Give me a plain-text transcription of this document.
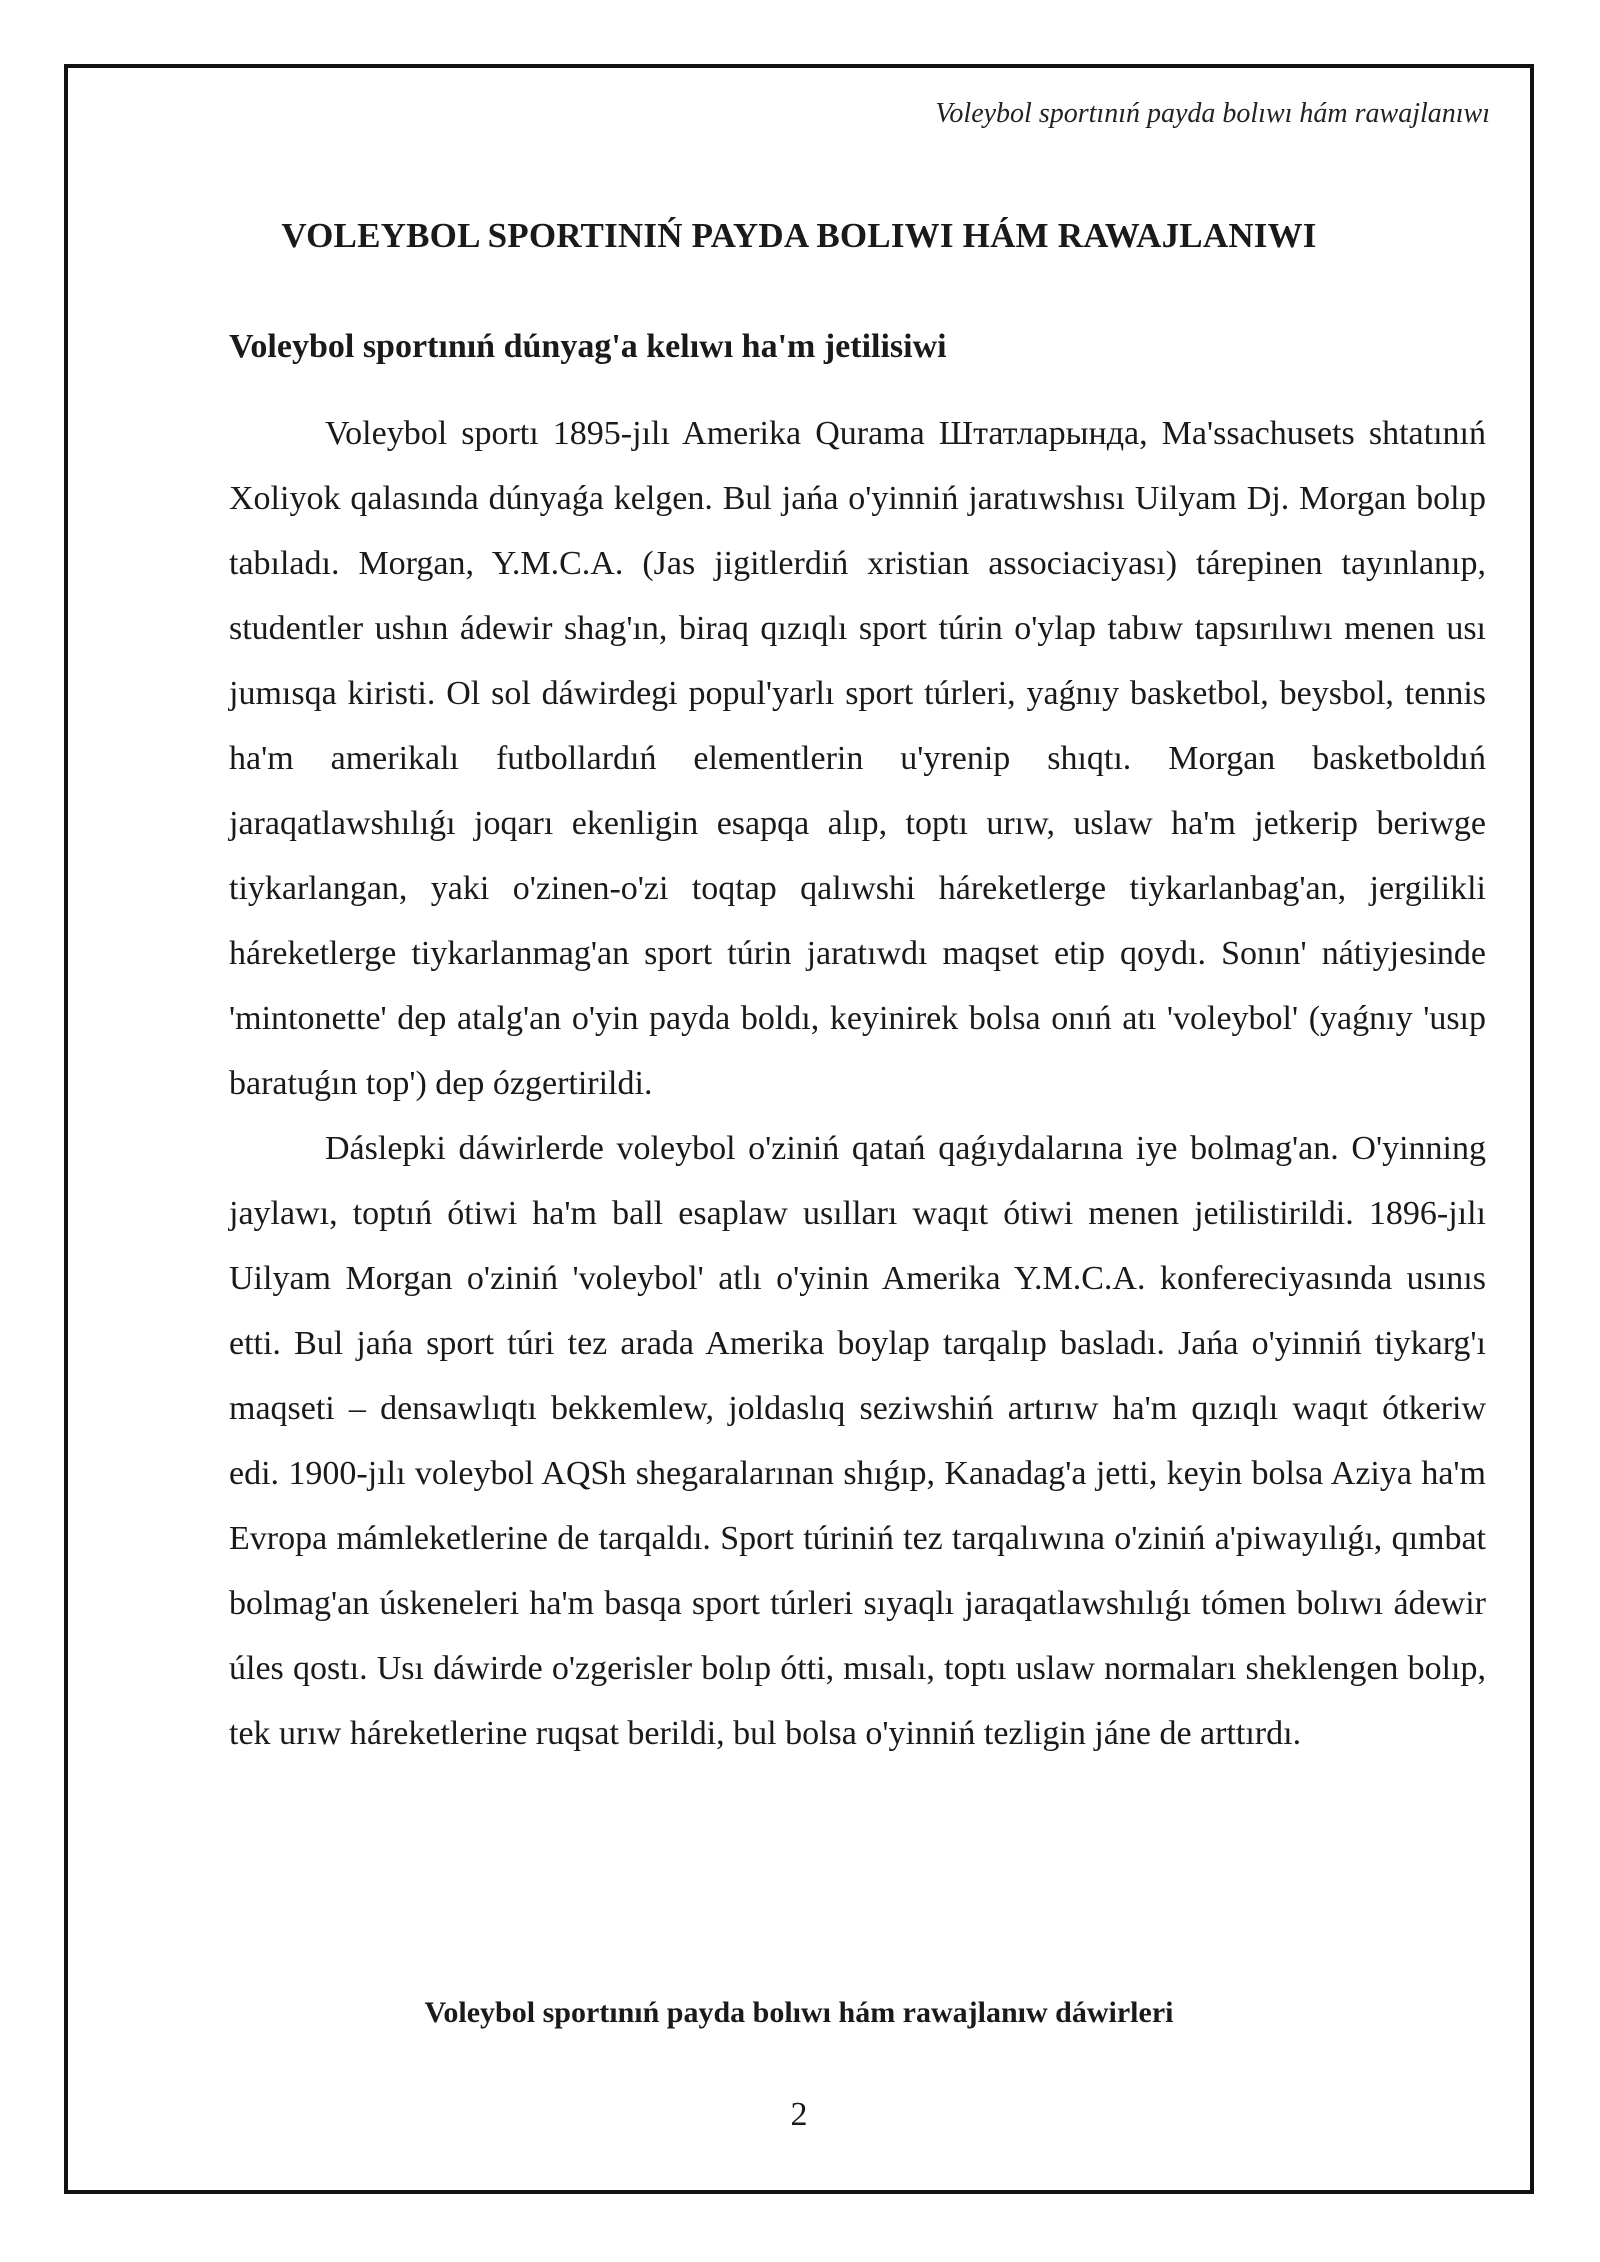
Voleybol sportınıń payda bolıwı hám rawajlanıwı
VOLEYBOL SPORTINIŃ PAYDA BOLIWI HÁM RAWAJLANIWI
Voleybol sportınıń dúnyag'a kelıwı ha'm jetilisiwi

Voleybol sportı 1895-jılı Amerika Qurama Штатларында, Ma'ssachusets shtatınıń Xoliyok qalasında dúnyaǵa kelgen. Bul jańa o'yinniń jaratıwshısı Uilyam Dj. Morgan bolıp tabıladı. Morgan, Y.M.C.A. (Jas jigitlerdiń xristian associaciyası) tárepinen tayınlanıp, studentler ushın ádewir shag'ın, biraq qızıqlı sport túrin o'ylap tabıw tapsırılıwı menen usı jumısqa kiristi. Ol sol dáwirdegi popul'yarlı sport túrleri, yaǵnıy basketbol, beysbol, tennis ha'm amerikalı futbollardıń elementlerin u'yrenip shıqtı. Morgan basketboldıń jaraqatlawshılıǵı joqarı ekenligin esapqa alıp, toptı urıw, uslaw ha'm jetkerip beriwge tiykarlangan, yaki o'zinen-o'zi toqtap qalıwshi háreketlerge tiykarlanbag'an, jergilikli háreketlerge tiykarlanmag'an sport túrin jaratıwdı maqset etip qoydı. Sonın' nátiyjesinde 'mintonette' dep atalg'an o'yin payda boldı, keyinirek bolsa onıń atı 'voleybol' (yaǵnıy 'usıp baratuǵın top') dep ózgertirildi.

Dáslepki dáwirlerde voleybol o'ziniń qatań qaǵıydalarına iye bolmag'an. O'yinning jaylawı, toptıń ótiwi ha'm ball esaplaw usılları waqıt ótiwi menen jetilistirildi. 1896-jılı Uilyam Morgan o'ziniń 'voleybol' atlı o'yinin Amerika Y.M.C.A. konfereciyasında usınıs etti. Bul jańa sport túri tez arada Amerika boylap tarqalıp basladı. Jańa o'yinniń tiykarg'ı maqseti – densawlıqtı bekkemlew, joldaslıq seziwshiń artırıw ha'm qızıqlı waqıt ótkeriw edi. 1900-jılı voleybol AQSh shegaralarınan shıǵıp, Kanadag'a jetti, keyin bolsa Aziya ha'm Evropa mámleketlerine de tarqaldı. Sport túriniń tez tarqalıwına o'ziniń a'piwayılıǵı, qımbat bolmag'an úskeneleri ha'm basqa sport túrleri sıyaqlı jaraqatlawshılıǵı tómen bolıwı ádewir úles qostı. Usı dáwirde o'zgerisler bolıp ótti, mısalı, toptı uslaw normaları sheklengen bolıp, tek urıw háreketlerine ruqsat berildi, bul bolsa o'yinniń tezligin jáne de arttırdı.

Voleybol sportınıń payda bolıwı hám rawajlanıw dáwirleri
2
